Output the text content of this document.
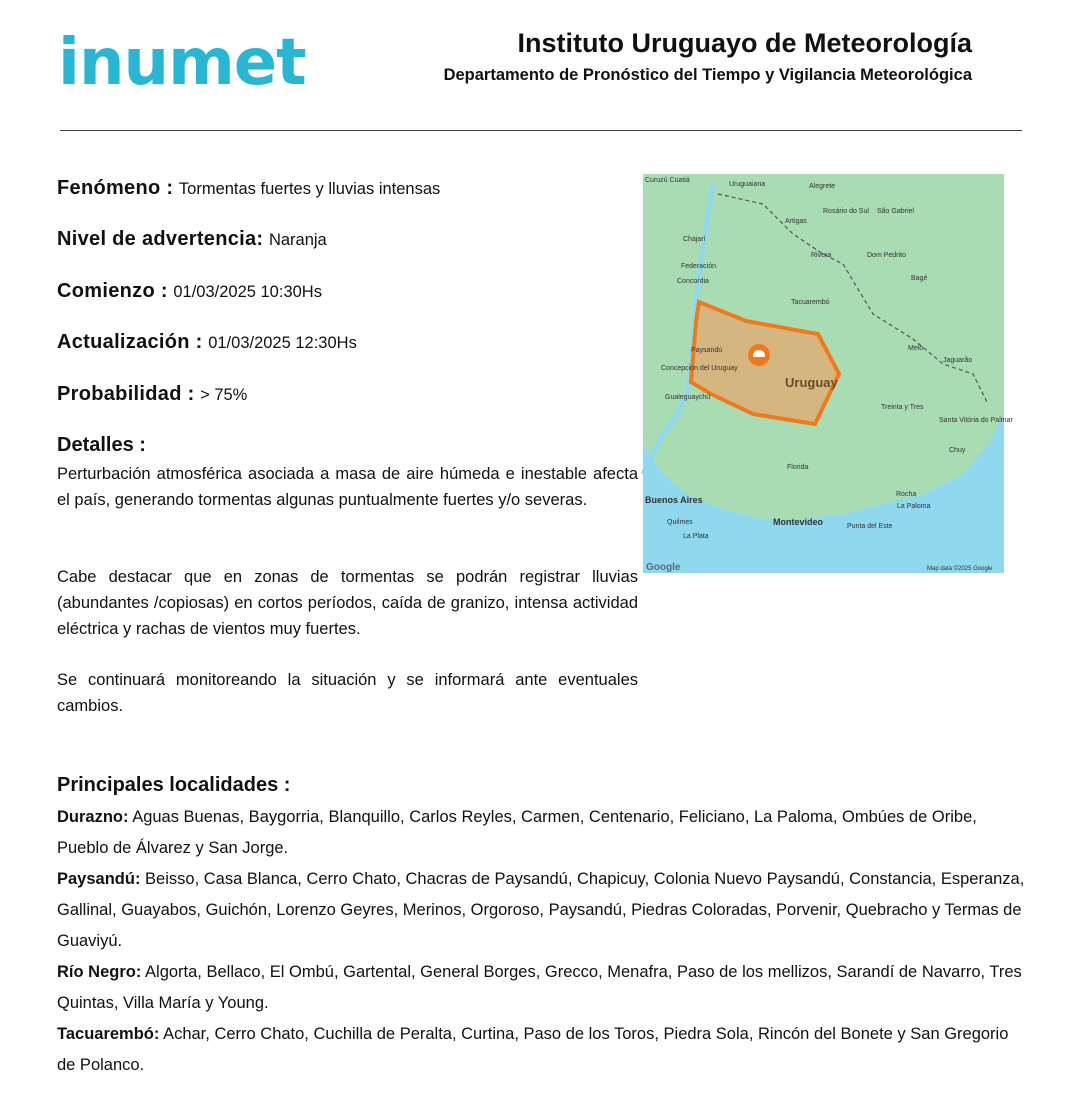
inumet	Instituto Uruguayo de Meteorología
Departamento de Pronóstico del Tiempo y Vigilancia Meteorológica
Fenómeno : Tormentas fuertes y lluvias intensas
Nivel de advertencia: Naranja
Comienzo : 01/03/2025 10:30Hs
Actualización : 01/03/2025 12:30Hs
Probabilidad : > 75%
Detalles :
Perturbación atmosférica asociada a masa de aire húmeda e inestable afecta el país, generando tormentas algunas puntualmente fuertes y/o severas.
Cabe destacar que en zonas de tormentas se podrán registrar lluvias (abundantes /copiosas) en cortos períodos, caída de granizo, intensa actividad eléctrica y rachas de vientos muy fuertes.
Se continuará monitoreando la situación y se informará ante eventuales cambios.
Curuzú Cuatiá
Uruguaiana	Alegrete
Rosário do Sul São Gabriel
Artigas
Chajarí
Rivera	Dom Pedrito
Federación
Concordia	Bagé
Tacuarembó
Paysandú	Melo
Jaguarão
Concepción del Uruguay
Gualeguaychú
Treinta y Tres
Santa Vitória do Palmar
Chuy
Florida
Rocha
La Paloma
Quilmes
Punta del Este
La Plata
Map data ©2025 Google
Uruguay
Buenos Aires
Montevideo
Google
Principales localidades :

Durazno: Aguas Buenas, Baygorria, Blanquillo, Carlos Reyles, Carmen, Centenario, Feliciano, La Paloma, Ombúes de Oribe, Pueblo de Álvarez y San Jorge.

Paysandú: Beisso, Casa Blanca, Cerro Chato, Chacras de Paysandú, Chapicuy, Colonia Nuevo Paysandú, Constancia, Esperanza, Gallinal, Guayabos, Guichón, Lorenzo Geyres, Merinos, Orgoroso, Paysandú, Piedras Coloradas, Porvenir, Quebracho y Termas de Guaviyú.

Río Negro: Algorta, Bellaco, El Ombú, Gartental, General Borges, Grecco, Menafra, Paso de los mellizos, Sarandí de Navarro, Tres Quintas, Villa María y Young.

Tacuarembó: Achar, Cerro Chato, Cuchilla de Peralta, Curtina, Paso de los Toros, Piedra Sola, Rincón del Bonete y San Gregorio de Polanco.
